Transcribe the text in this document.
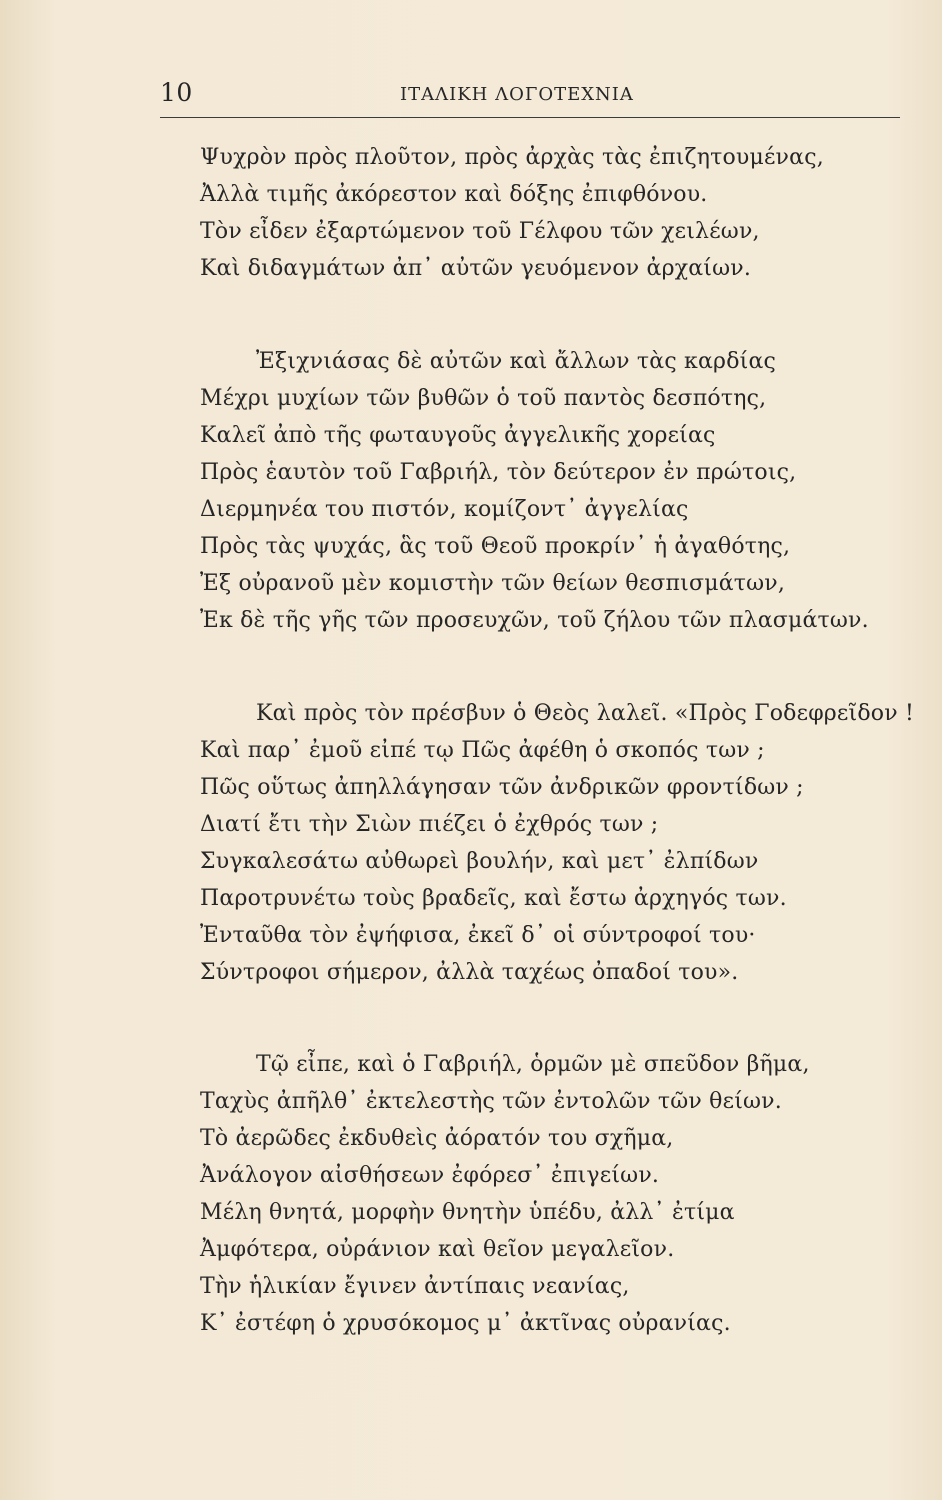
10	ΙΤΑΛΙΚΗ ΛΟΓΟΤΕΧΝΙΑ
Ψυχρὸν πρὸς πλοῦτον, πρὸς ἀρχὰς τὰς ἐπιζητουμένας,
Ἀλλὰ τιμῆς ἀκόρεστον καὶ δόξης ἐπιφθόνου.
Τὸν εἶδεν ἐξαρτώμενον τοῦ Γέλφου τῶν χειλέων,
Καὶ διδαγμάτων ἀπ᾽ αὐτῶν γευόμενον ἀρχαίων.
Ἐξιχνιάσας δὲ αὐτῶν καὶ ἄλλων τὰς καρδίας
Μέχρι μυχίων τῶν βυθῶν ὁ τοῦ παντὸς δεσπότης,
Καλεῖ ἀπὸ τῆς φωταυγοῦς ἀγγελικῆς χορείας
Πρὸς ἑαυτὸν τοῦ Γαβριήλ, τὸν δεύτερον ἐν πρώτοις,
Διερμηνέα του πιστόν, κομίζοντ᾽ ἀγγελίας
Πρὸς τὰς ψυχάς, ἃς τοῦ Θεοῦ προκρίν᾽ ἡ ἀγαθότης,
Ἐξ οὐρανοῦ μὲν κομιστὴν τῶν θείων θεσπισμάτων,
Ἐκ δὲ τῆς γῆς τῶν προσευχῶν, τοῦ ζήλου τῶν πλασμάτων.
Καὶ πρὸς τὸν πρέσβυν ὁ Θεὸς λαλεῖ. «Πρὸς Γοδεφρεῖδον !
Καὶ παρ᾽ ἐμοῦ εἰπέ τῳ Πῶς ἀφέθη ὁ σκοπός των ;
Πῶς οὕτως ἀπηλλάγησαν τῶν ἀνδρικῶν φροντίδων ;
Διατί ἔτι τὴν Σιὼν πιέζει ὁ ἐχθρός των ;
Συγκαλεσάτω αὐθωρεὶ βουλήν, καὶ μετ᾽ ἐλπίδων
Παροτρυνέτω τοὺς βραδεῖς, καὶ ἔστω ἀρχηγός των.
Ἐνταῦθα τὸν ἐψήφισα, ἐκεῖ δ᾽ οἱ σύντροφοί του·
Σύντροφοι σήμερον, ἀλλὰ ταχέως ὀπαδοί του».
Τῷ εἶπε, καὶ ὁ Γαβριήλ, ὁρμῶν μὲ σπεῦδον βῆμα,
Ταχὺς ἀπῆλθ᾽ ἐκτελεστὴς τῶν ἐντολῶν τῶν θείων.
Τὸ ἀερῶδες ἐκδυθεὶς ἀόρατόν του σχῆμα,
Ἀνάλογον αἰσθήσεων ἐφόρεσ᾽ ἐπιγείων.
Μέλη θνητά, μορφὴν θνητὴν ὑπέδυ, ἀλλ᾽ ἐτίμα
Ἀμφότερα, οὐράνιον καὶ θεῖον μεγαλεῖον.
Τὴν ἡλικίαν ἔγινεν ἀντίπαις νεανίας,
Κ᾽ ἐστέφη ὁ χρυσόκομος μ᾽ ἀκτῖνας οὐρανίας.
